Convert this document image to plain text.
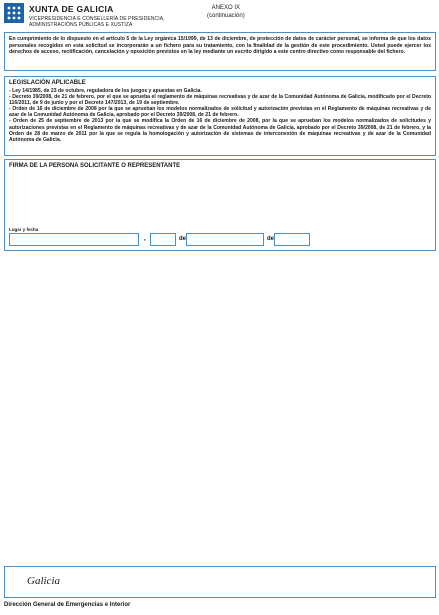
XUNTA DE GALICIA
VICEPRESIDENCIA E CONSELLERÍA DE PRESIDENCIA,
ADMINISTRACIÓNS PÚBLICAS E XUSTIZA
ANEXO IX
(continuación)
En cumprimiento de lo dispuesto en el artículo 5 de la Ley orgánica 15/1999, de 13 de diciembre, de protección de datos de carácter personal, se informa de que los datos personales recogidos en esta solicitud se incorporarán a un fichero para su tratamiento, con la finalidad de la gestión de este procedimiento. Usted puede ejercer los derechos de acceso, rectificación, cancelación y oposición previstos en la ley mediante un escrito dirigido a este centro directivo como responsable del fichero.
LEGISLACIÓN APLICABLE
- Ley 14/1985, de 23 de octubre, reguladora de los juegos y apuestas en Galicia.
- Decreto 39/2008, de 21 de febrero, por el que se aprueba el reglamento de máquinas recreativas y de azar de la Comunidad Autónoma de Galicia, modificado por el Decreto 116/2011, de 9 de junio y por el Decreto 147/2013, de 19 de septiembre.
- Orden de 16 de diciembre de 2008 por la que se aprueban los modelos normalizados de solicitud y autorización previstas en el Reglamento de máquinas recreativas y de azar de la Comunidad Autónoma de Galicia, aprobado por el Decreto 39/2008, de 21 de febrero.
- Orden de 25 de septiembre de 2013 por la que se modifica la Orden de 16 de diciembre de 2008, por la que se aprueban los modelos normalizados de solicitudes y autorizaciones previstas en el Reglamento de máquinas recreativas y de azar de la Comunidad Autónoma de Galicia, aprobado por el Decreto 39/2008, de 21 de febrero, y la Orden de 28 de marzo de 2011 por la que se regula la homologación y autorización de sistemas de interconexión de máquinas recreativas y de azar de la Comunidad Autónoma de Galicia.
FIRMA DE LA PERSONA SOLICITANTE O REPRESENTANTE
Lugar y fecha
,	de	de
Galicia
Dirección General de Emergencias e Interior
